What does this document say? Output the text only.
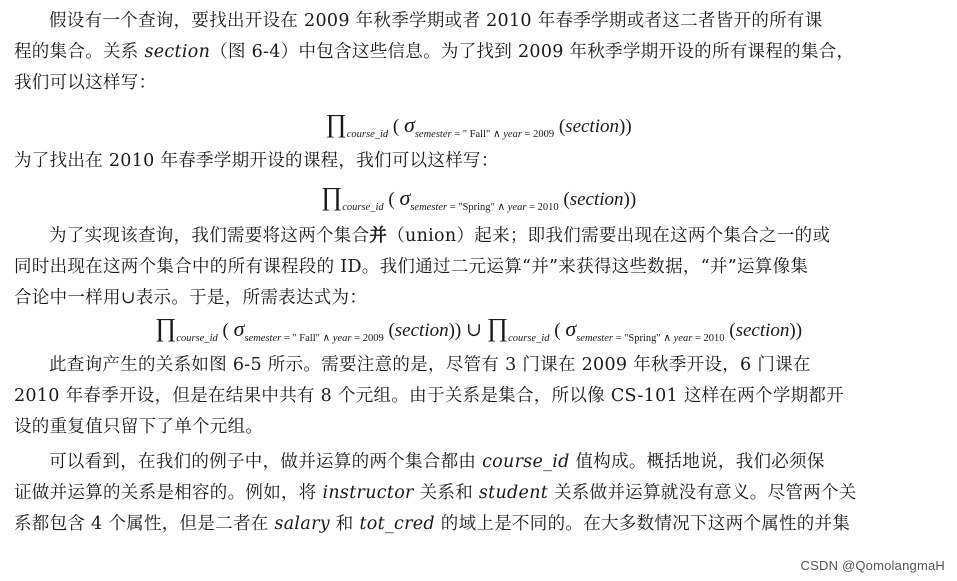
假设有一个查询，要找出开设在 2009 年秋季学期或者 2010 年春季学期或者这二者皆开的所有课
程的集合。关系 section（图 6-4）中包含这些信息。为了找到 2009 年秋季学期开设的所有课程的集合，
我们可以这样写：

$\prod_{course\_id}$ ( $\sigma_{semester = " Fall" \wedge year = 2009}$ (section))

为了找出在 2010 年春季学期开设的课程，我们可以这样写：

$\prod_{course\_id}$ ( $\sigma_{semester = "Spring" \wedge year = 2010}$ (section))

为了实现该查询，我们需要将这两个集合并（union）起来；即我们需要出现在这两个集合之一的或
同时出现在这两个集合中的所有课程段的 ID。我们通过二元运算“并”来获得这些数据，“并”运算像集
合论中一样用∪表示。于是，所需表达式为：

$\prod_{course\_id}$ ( $\sigma_{semester = " Fall" \wedge year = 2009}$ (section)) ∪ $\prod_{course\_id}$ ( $\sigma_{semester = "Spring" \wedge year = 2010}$ (section))

此查询产生的关系如图 6-5 所示。需要注意的是，尽管有 3 门课在 2009 年秋季开设，6 门课在
2010 年春季开设，但是在结果中共有 8 个元组。由于关系是集合，所以像 CS-101 这样在两个学期都开
设的重复值只留下了单个元组。

可以看到，在我们的例子中，做并运算的两个集合都由 course_id 值构成。概括地说，我们必须保
证做并运算的关系是相容的。例如，将 instructor 关系和 student 关系做并运算就没有意义。尽管两个关
系都包含 4 个属性，但是二者在 salary 和 tot_cred 的域上是不同的。在大多数情况下这两个属性的并集

CSDN @QomolangmaH
